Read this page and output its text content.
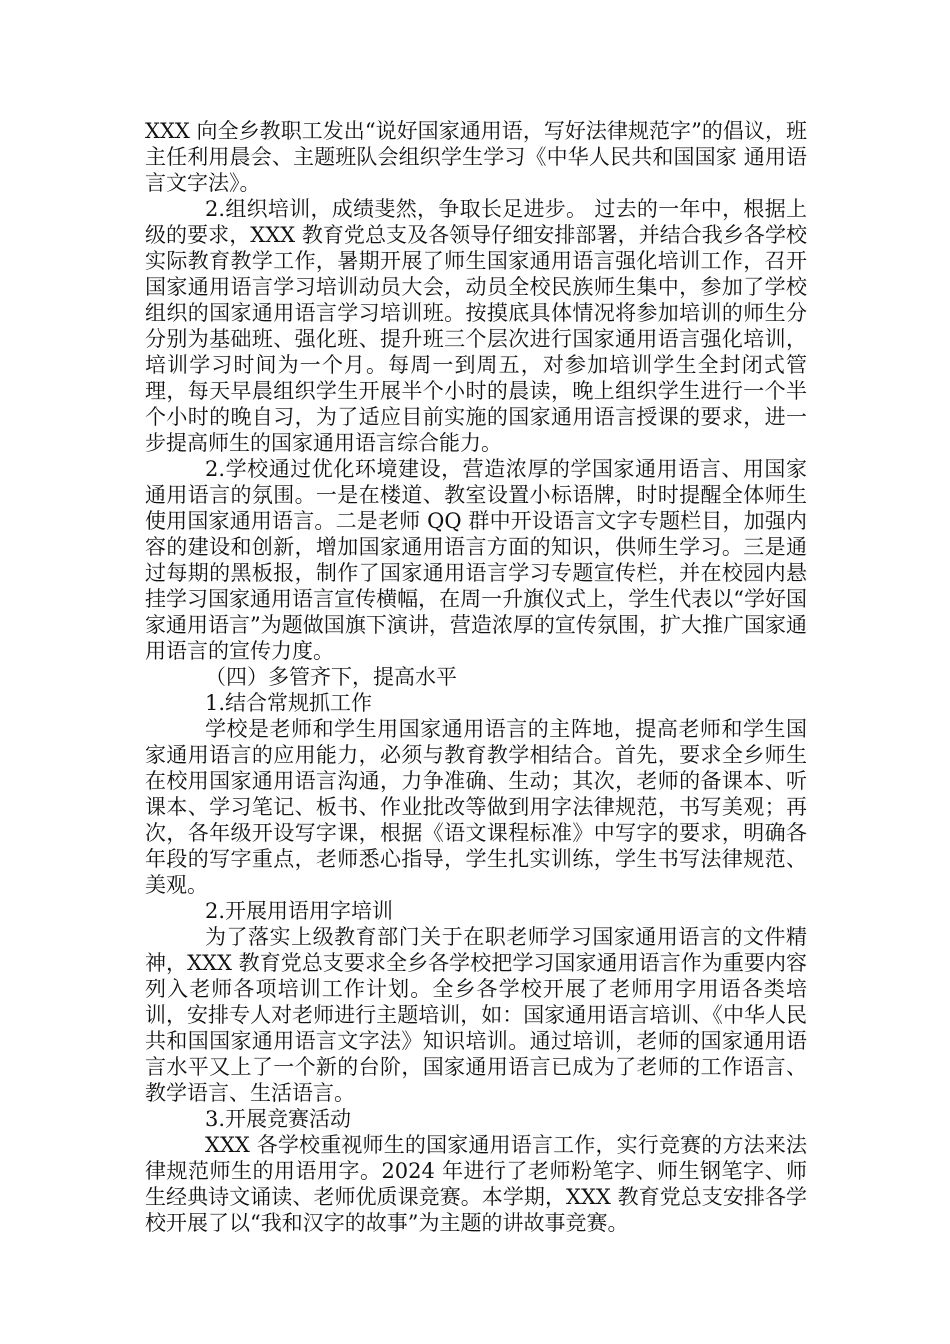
XXX 向全乡教职工发出“说好国家通用语，写好法律规范字”的倡议，班主任利用晨会、主题班队会组织学生学习《中华人民共和国国家 通用语言文字法》。

2.组织培训，成绩斐然，争取长足进步。 过去的一年中，根据上级的要求，XXX 教育党总支及各领导仔细安排部署，并结合我乡各学校实际教育教学工作，暑期开展了师生国家通用语言强化培训工作，召开国家通用语言学习培训动员大会，动员全校民族师生集中，参加了学校组织的国家通用语言学习培训班。按摸底具体情况将参加培训的师生分分别为基础班、强化班、提升班三个层次进行国家通用语言强化培训，培训学习时间为一个月。每周一到周五，对参加培训学生全封闭式管理，每天早晨组织学生开展半个小时的晨读，晚上组织学生进行一个半个小时的晚自习，为了适应目前实施的国家通用语言授课的要求，进一步提高师生的国家通用语言综合能力。

2.学校通过优化环境建设，营造浓厚的学国家通用语言、用国家通用语言的氛围。一是在楼道、教室设置小标语牌，时时提醒全体师生使用国家通用语言。二是老师 QQ 群中开设语言文字专题栏目，加强内容的建设和创新，增加国家通用语言方面的知识，供师生学习。三是通过每期的黑板报，制作了国家通用语言学习专题宣传栏，并在校园内悬挂学习国家通用语言宣传横幅，在周一升旗仪式上，学生代表以“学好国家通用语言”为题做国旗下演讲，营造浓厚的宣传氛围，扩大推广国家通用语言的宣传力度。

（四）多管齐下，提高水平

1.结合常规抓工作

学校是老师和学生用国家通用语言的主阵地，提高老师和学生国家通用语言的应用能力，必须与教育教学相结合。首先，要求全乡师生在校用国家通用语言沟通，力争准确、生动；其次，老师的备课本、听课本、学习笔记、板书、作业批改等做到用字法律规范，书写美观；再次，各年级开设写字课，根据《语文课程标准》中写字的要求，明确各年段的写字重点，老师悉心指导，学生扎实训练，学生书写法律规范、美观。

2.开展用语用字培训

为了落实上级教育部门关于在职老师学习国家通用语言的文件精神，XXX 教育党总支要求全乡各学校把学习国家通用语言作为重要内容列入老师各项培训工作计划。全乡各学校开展了老师用字用语各类培训，安排专人对老师进行主题培训，如：国家通用语言培训、《中华人民共和国国家通用语言文字法》知识培训。通过培训，老师的国家通用语言水平又上了一个新的台阶，国家通用语言已成为了老师的工作语言、教学语言、生活语言。

3.开展竞赛活动

XXX 各学校重视师生的国家通用语言工作，实行竞赛的方法来法律规范师生的用语用字。2024 年进行了老师粉笔字、师生钢笔字、师生经典诗文诵读、老师优质课竞赛。本学期，XXX 教育党总支安排各学校开展了以“我和汉字的故事”为主题的讲故事竞赛。
